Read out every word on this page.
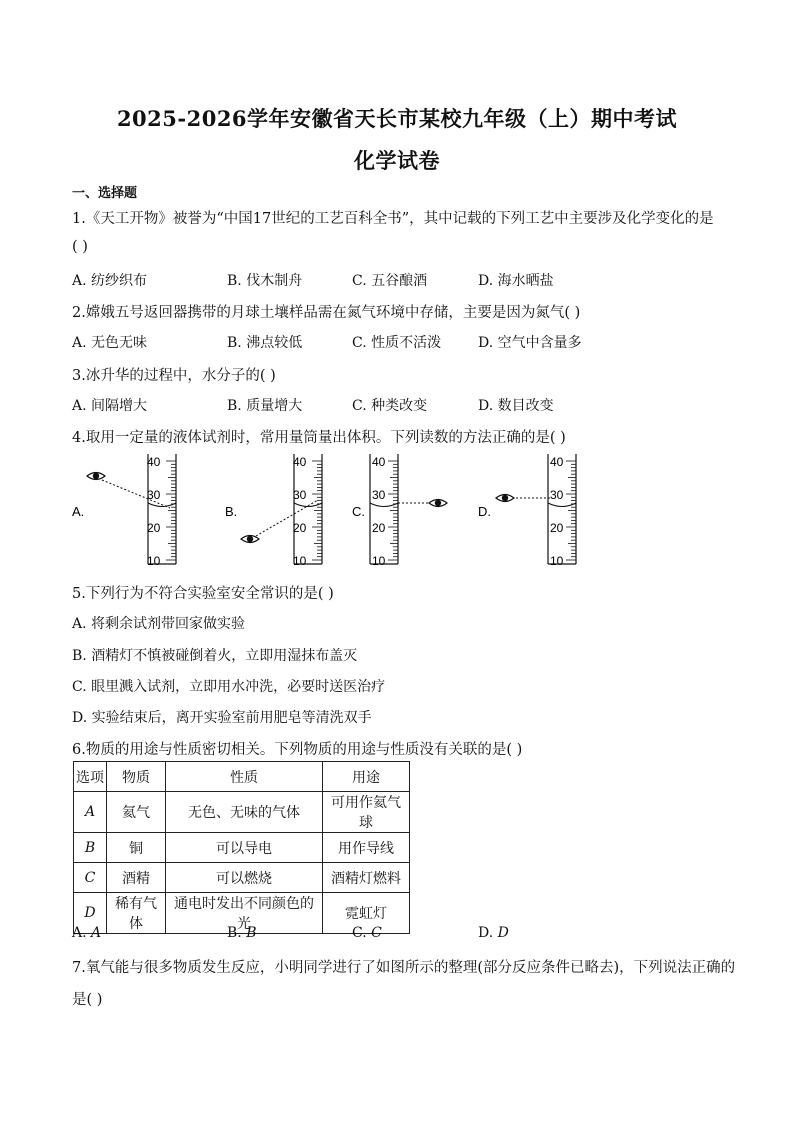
2025-2026学年安徽省天长市某校九年级（上）期中考试
化学试卷
一、选择题
1.《天工开物》被誉为“中国17世纪的工艺百科全书”，其中记载的下列工艺中主要涉及化学变化的是
( )
A. 纺纱织布	B. 伐木制舟	C. 五谷酿酒	D. 海水晒盐
2.嫦娥五号返回器携带的月球土壤样品需在氮气环境中存储，主要是因为氮气( )
A. 无色无味	B. 沸点较低	C. 性质不活泼	D. 空气中含量多
3.冰升华的过程中，水分子的( )
A. 间隔增大	B. 质量增大	C. 种类改变	D. 数目改变
4.取用一定量的液体试剂时，常用量筒量出体积。下列读数的方法正确的是( )
A.
40
30
20
10
B.
40
30
20
10
C.
40
30
20
10
D.
40
30
20
10
5.下列行为不符合实验室安全常识的是( )
A. 将剩余试剂带回家做实验
B. 酒精灯不慎被碰倒着火，立即用湿抹布盖灭
C. 眼里溅入试剂，立即用水冲洗，必要时送医治疗
D. 实验结束后，离开实验室前用肥皂等清洗双手
6.物质的用途与性质密切相关。下列物质的用途与性质没有关联的是( )
选项	物质	性质	用途
A	氦气	无色、无味的气体	可用作氦气球
B	铜	可以导电	用作导线
C	酒精	可以燃烧	酒精灯燃料
D	稀有气体	通电时发出不同颜色的光	霓虹灯
A. A	B. B	C. C	D. D
7.氧气能与很多物质发生反应，小明同学进行了如图所示的整理(部分反应条件已略去)，下列说法正确的
是( )
